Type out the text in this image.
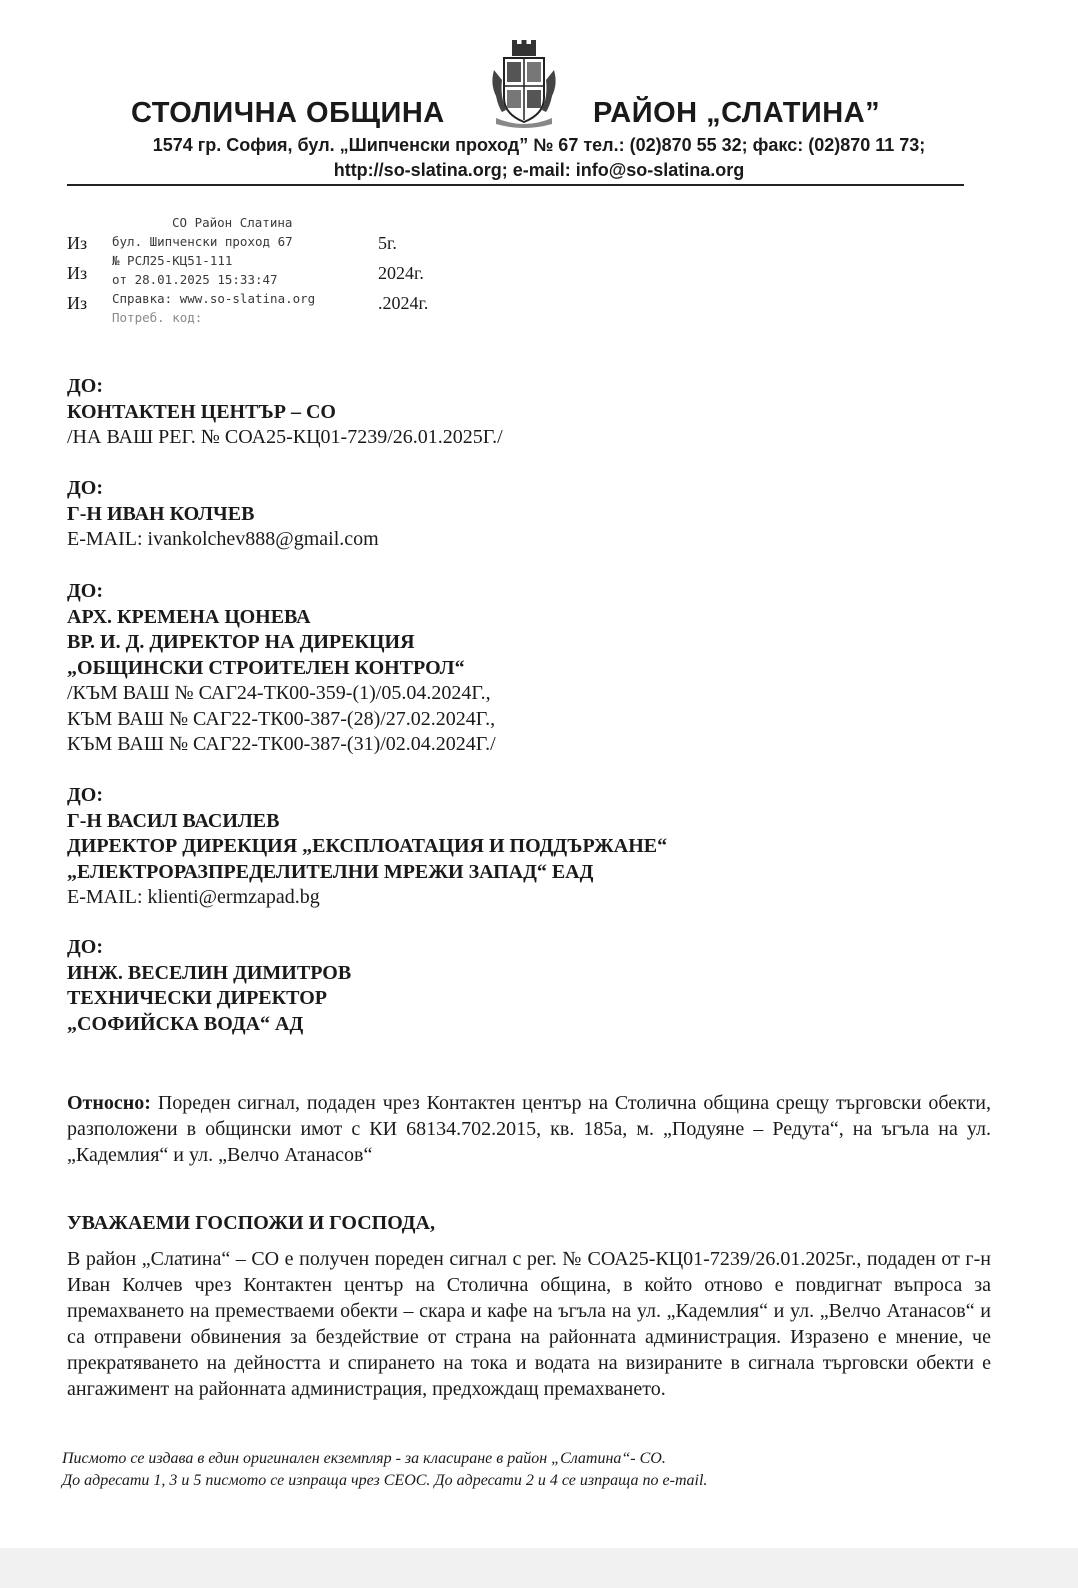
СТОЛИЧНА ОБЩИНА	РАЙОН „СЛАТИНА”
1574 гр. София, бул. „Шипченски проход” № 67 тел.: (02)870 55 32; факс: (02)870 11 73;
http://so-slatina.org; e-mail: info@so-slatina.org
Из
Из
Из
5г.
2024г.
.2024г.
СО Район Слатина
бул. Шипченски проход 67
№ РСЛ25-КЦ51-111
от 28.01.2025 15:33:47
Справка: www.so-slatina.org
Потреб. код:
ДО:
КОНТАКТЕН ЦЕНТЪР – СО
/НА ВАШ РЕГ. № СОА25-КЦ01-7239/26.01.2025Г./
ДО:
Г-Н ИВАН КОЛЧЕВ
E-MAIL: ivankolchev888@gmail.com
ДО:
АРХ. КРЕМЕНА ЦОНЕВА
ВР. И. Д. ДИРЕКТОР НА ДИРЕКЦИЯ
„ОБЩИНСКИ СТРОИТЕЛЕН КОНТРОЛ“
/КЪМ ВАШ № САГ24-ТК00-359-(1)/05.04.2024Г.,
КЪМ ВАШ № САГ22-ТК00-387-(28)/27.02.2024Г.,
КЪМ ВАШ № САГ22-ТК00-387-(31)/02.04.2024Г./
ДО:
Г-Н ВАСИЛ ВАСИЛЕВ
ДИРЕКТОР ДИРЕКЦИЯ „ЕКСПЛОАТАЦИЯ И ПОДДЪРЖАНЕ“
„ЕЛЕКТРОРАЗПРЕДЕЛИТЕЛНИ МРЕЖИ ЗАПАД“ ЕАД
E-MAIL: klienti@ermzapad.bg
ДО:
ИНЖ. ВЕСЕЛИН ДИМИТРОВ
ТЕХНИЧЕСКИ ДИРЕКТОР
„СОФИЙСКА ВОДА“ АД
Относно: Пореден сигнал, подаден чрез Контактен център на Столична община срещу търговски обекти, разположени в общински имот с КИ 68134.702.2015, кв. 185а, м. „Подуяне – Редута“, на ъгъла на ул. „Кадемлия“ и ул. „Велчо Атанасов“
УВАЖАЕМИ ГОСПОЖИ И ГОСПОДА,
В район „Слатина“ – СО е получен пореден сигнал с рег. № СОА25-КЦ01-7239/26.01.2025г., подаден от г-н Иван Колчев чрез Контактен център на Столична община, в който отново е повдигнат въпроса за премахването на преместваеми обекти – скара и кафе на ъгъла на ул. „Кадемлия“ и ул. „Велчо Атанасов“ и са отправени обвинения за бездействие от страна на районната администрация. Изразено е мнение, че прекратяването на дейността и спирането на тока и водата на визираните в сигнала търговски обекти е ангажимент на районната администрация, предхождащ премахването.
Писмото се издава в един оригинален екземпляр - за класиране в район „Слатина“- СО.
До адресати 1, 3 и 5 писмото се изпраща чрез СЕОС. До адресати 2 и 4 се изпраща по e-mail.
